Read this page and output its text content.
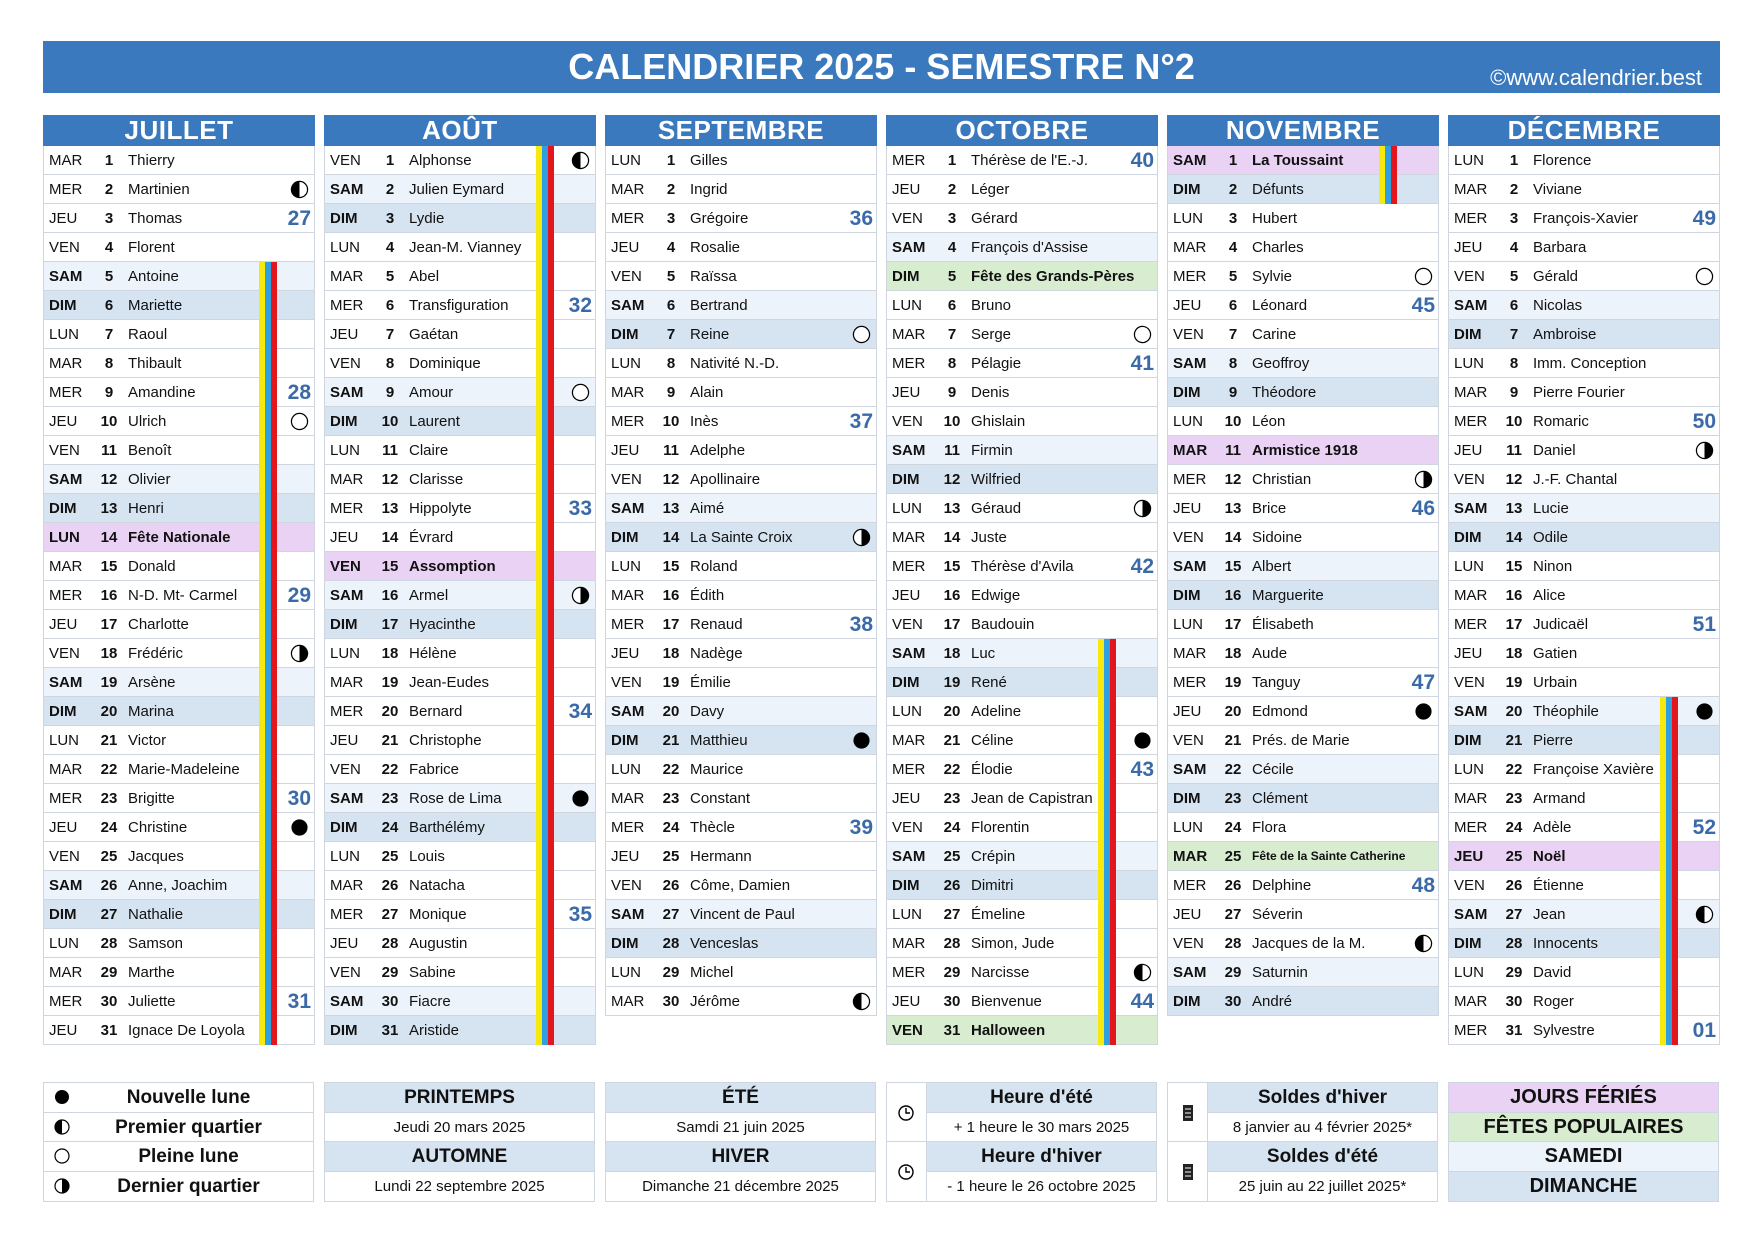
CALENDRIER 2025 - SEMESTRE N°2	©www.calendrier.best
JUILLET
MAR	1 Thierry
MER	2 Martinien
JEU	3 Thomas	27
VEN	4 Florent
SAM	5 Antoine
DIM	6 Mariette
LUN	7 Raoul
MAR	8 Thibault
MER	9 Amandine	28
JEU	10 Ulrich
VEN	11 Benoît
SAM	12 Olivier
DIM	13 Henri
LUN	14 Fête Nationale
MAR	15 Donald
MER	16 N-D. Mt- Carmel 29
JEU	17 Charlotte
VEN	18 Frédéric
SAM	19 Arsène
DIM	20 Marina
LUN	21 Victor
MAR	22 Marie-Madeleine
MER	23 Brigitte	30
JEU	24 Christine
VEN	25 Jacques
SAM	26 Anne, Joachim
DIM	27 Nathalie
LUN	28 Samson
MAR	29 Marthe
MER	30 Juliette	31
JEU	31 Ignace De Loyola
AOÛT
VEN	1 Alphonse
SAM	2 Julien Eymard
DIM	3 Lydie
LUN	4 Jean-M. Vianney
MAR	5 Abel
MER	6 Transfiguration	32
JEU	7 Gaétan
VEN	8 Dominique
SAM	9 Amour
DIM	10 Laurent
LUN	11 Claire
MAR	12 Clarisse
MER	13 Hippolyte	33
JEU	14 Évrard
VEN	15 Assomption
SAM	16 Armel
DIM	17 Hyacinthe
LUN	18 Hélène
MAR	19 Jean-Eudes
MER	20 Bernard	34
JEU	21 Christophe
VEN	22 Fabrice
SAM	23 Rose de Lima
DIM	24 Barthélémy
LUN	25 Louis
MAR	26 Natacha
MER	27 Monique	35
JEU	28 Augustin
VEN	29 Sabine
SAM	30 Fiacre
DIM	31 Aristide
SEPTEMBRE
LUN	1 Gilles
MAR	2 Ingrid
MER	3 Grégoire	36
JEU	4 Rosalie
VEN	5 Raïssa
SAM	6 Bertrand
DIM	7 Reine
LUN	8 Nativité N.-D.
MAR	9 Alain
MER	10 Inès	37
JEU	11 Adelphe
VEN	12 Apollinaire
SAM	13 Aimé
DIM	14 La Sainte Croix
LUN	15 Roland
MAR	16 Édith
MER	17 Renaud	38
JEU	18 Nadège
VEN	19 Émilie
SAM	20 Davy
DIM	21 Matthieu
LUN	22 Maurice
MAR	23 Constant
MER	24 Thècle	39
JEU	25 Hermann
VEN	26 Côme, Damien
SAM	27 Vincent de Paul
DIM	28 Venceslas
LUN	29 Michel
MAR	30 Jérôme
OCTOBRE
MER	1 Thérèse de l'E.-J. 40
JEU	2 Léger
VEN	3 Gérard
SAM	4 François d'Assise
DIM	5 Fête des Grands-Pères
LUN	6 Bruno
MAR	7 Serge
MER	8 Pélagie	41
JEU	9 Denis
VEN	10 Ghislain
SAM	11 Firmin
DIM	12 Wilfried
LUN	13 Géraud
MAR	14 Juste
MER	15 Thérèse d'Avila	42
JEU	16 Edwige
VEN	17 Baudouin
SAM	18 Luc
DIM	19 René
LUN	20 Adeline
MAR	21 Céline
MER	22 Élodie	43
JEU	23 Jean de Capistran
VEN	24 Florentin
SAM	25 Crépin
DIM	26 Dimitri
LUN	27 Émeline
MAR	28 Simon, Jude
MER	29 Narcisse
JEU	30 Bienvenue	44
VEN	31 Halloween
NOVEMBRE
SAM	1 La Toussaint
DIM	2 Défunts
LUN	3 Hubert
MAR	4 Charles
MER	5 Sylvie
JEU	6 Léonard	45
VEN	7 Carine
SAM	8 Geoffroy
DIM	9 Théodore
LUN	10 Léon
MAR	11 Armistice 1918
MER	12 Christian
JEU	13 Brice	46
VEN	14 Sidoine
SAM	15 Albert
DIM	16 Marguerite
LUN	17 Élisabeth
MAR	18 Aude
MER	19 Tanguy	47
JEU	20 Edmond
VEN	21 Prés. de Marie
SAM	22 Cécile
DIM	23 Clément
LUN	24 Flora
MAR	25 Fête de la Sainte Catherine
MER	26 Delphine	48
JEU	27 Séverin
VEN	28 Jacques de la M.
SAM	29 Saturnin
DIM	30 André
DÉCEMBRE
LUN	1 Florence
MAR	2 Viviane
MER	3 François-Xavier	49
JEU	4 Barbara
VEN	5 Gérald
SAM	6 Nicolas
DIM	7 Ambroise
LUN	8 Imm. Conception
MAR	9 Pierre Fourier
MER	10 Romaric	50
JEU	11 Daniel
VEN	12 J.-F. Chantal
SAM	13 Lucie
DIM	14 Odile
LUN	15 Ninon
MAR	16 Alice
MER	17 Judicaël	51
JEU	18 Gatien
VEN	19 Urbain
SAM	20 Théophile
DIM	21 Pierre
LUN	22 Françoise Xavière
MAR	23 Armand
MER	24 Adèle	52
JEU	25 Noël
VEN	26 Étienne
SAM	27 Jean
DIM	28 Innocents
LUN	29 David
MAR	30 Roger
MER	31 Sylvestre	01
Nouvelle lune
Premier quartier
Pleine lune
Dernier quartier
PRINTEMPS
Jeudi 20 mars 2025
AUTOMNE
Lundi 22 septembre 2025
ÉTÉ
Samdi 21 juin 2025
HIVER
Dimanche 21 décembre 2025
Heure d'été
+ 1 heure le 30 mars 2025
Heure d'hiver
- 1 heure le 26 octobre 2025
Soldes d'hiver
8 janvier au 4 février 2025*
Soldes d'été
25 juin au 22 juillet 2025*
JOURS FÉRIÉS
FÊTES POPULAIRES
SAMEDI
DIMANCHE
